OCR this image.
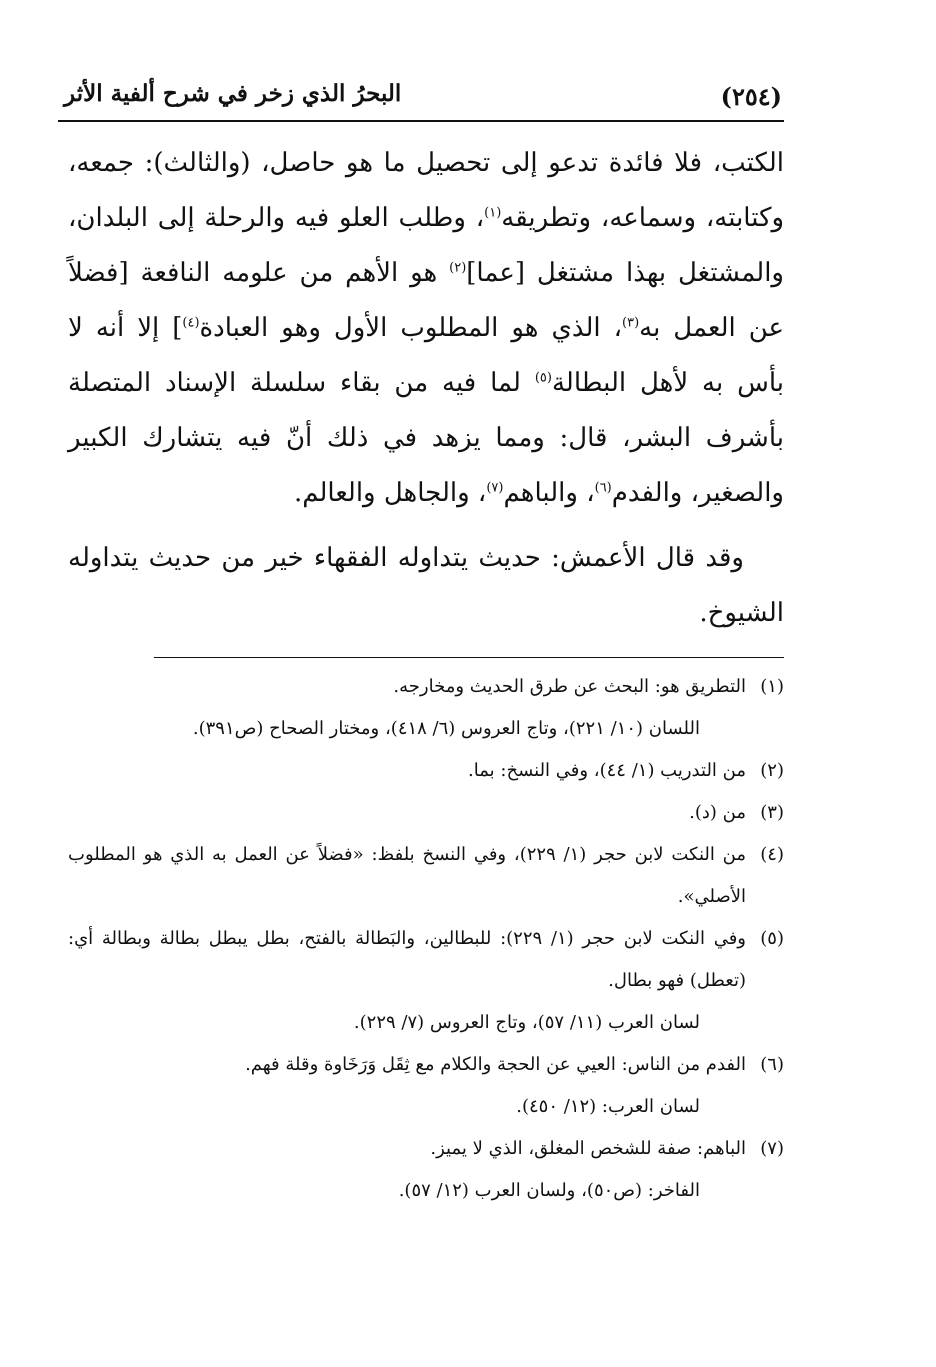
(٢٥٤)
البحرُ الذي زخر في شرح ألفية الأثر

الكتب، فلا فائدة تدعو إلى تحصيل ما هو حاصل، (والثالث): جمعه، وكتابته، وسماعه، وتطريقه$^{(١)}$، وطلب العلو فيه والرحلة إلى البلدان، والمشتغل بهذا مشتغل [عما]$^{(٢)}$ هو الأهم من علومه النافعة [فضلاً عن العمل به$^{(٣)}$، الذي هو المطلوب الأول وهو العبادة$^{(٤)}$] إلا أنه لا بأس به لأهل البطالة$^{(٥)}$ لما فيه من بقاء سلسلة الإسناد المتصلة بأشرف البشر، قال: ومما يزهد في ذلك أنّ فيه يتشارك الكبير والصغير، والفدم$^{(٦)}$، والباهم$^{(٧)}$، والجاهل والعالم.

وقد قال الأعمش: حديث يتداوله الفقهاء خير من حديث يتداوله الشيوخ.

(١)
التطريق هو: البحث عن طرق الحديث ومخارجه.
اللسان (١٠/ ٢٢١)، وتاج العروس (٦/ ٤١٨)، ومختار الصحاح (ص٣٩١).
(٢)
من التدريب (١/ ٤٤)، وفي النسخ: بما.
(٣)
من (د).
(٤)
من النكت لابن حجر (١/ ٢٢٩)، وفي النسخ بلفظ: «فضلاً عن العمل به الذي هو المطلوب الأصلي».
(٥)
وفي النكت لابن حجر (١/ ٢٢٩): للبطالين، والبَطالة بالفتح، بطل يبطل بطالة وبطالة أي: (تعطل) فهو بطال.
لسان العرب (١١/ ٥٧)، وتاج العروس (٧/ ٢٢٩).
(٦)
الفدم من الناس: العيي عن الحجة والكلام مع ثِقَل وَرَخَاوة وقلة فهم.
لسان العرب: (١٢/ ٤٥٠).
(٧)
الباهم: صفة للشخص المغلق، الذي لا يميز.
الفاخر: (ص٥٠)، ولسان العرب (١٢/ ٥٧).
